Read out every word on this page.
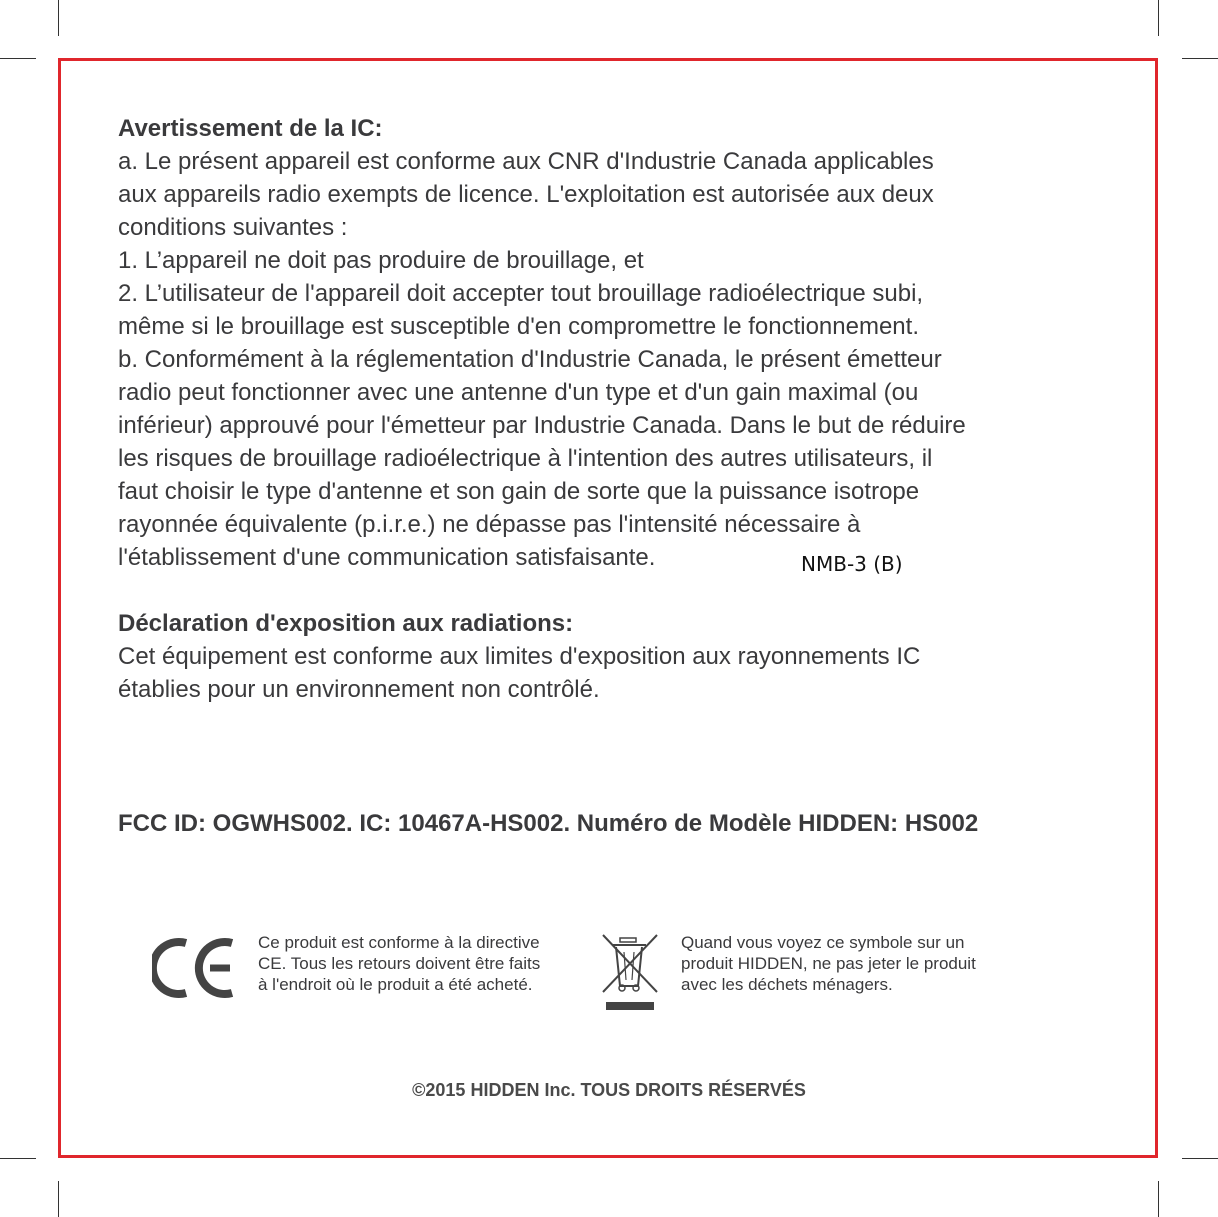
Avertissement de la IC:

a. Le présent appareil est conforme aux CNR d'Industrie Canada applicables

aux appareils radio exempts de licence. L'exploitation est autorisée aux deux

conditions suivantes :

1. L’appareil ne doit pas produire de brouillage, et

2. L’utilisateur de l'appareil doit accepter tout brouillage radioélectrique subi,

même si le brouillage est susceptible d'en compromettre le fonctionnement.

b. Conformément à la réglementation d'Industrie Canada, le présent émetteur

radio peut fonctionner avec une antenne d'un type et d'un gain maximal (ou

inférieur) approuvé pour l'émetteur par Industrie Canada. Dans le but de réduire

les risques de brouillage radioélectrique à l'intention des autres utilisateurs, il

faut choisir le type d'antenne et son gain de sorte que la puissance isotrope

rayonnée équivalente (p.i.r.e.) ne dépasse pas l'intensité nécessaire à

l'établissement d'une communication satisfaisante.

Déclaration d'exposition aux radiations:

Cet équipement est conforme aux limites d'exposition aux rayonnements IC

établies pour un environnement non contrôlé.

NMB-3 (B)
FCC ID: OGWHS002. IC: 10467A-HS002. Numéro de Modèle HIDDEN: HS002
Ce produit est conforme à la directive
CE. Tous les retours doivent être faits
à l'endroit où le produit a été acheté.
Quand vous voyez ce symbole sur un
produit HIDDEN, ne pas jeter le produit
avec les déchets ménagers.
©2015 HIDDEN Inc. TOUS DROITS RÉSERVÉS
